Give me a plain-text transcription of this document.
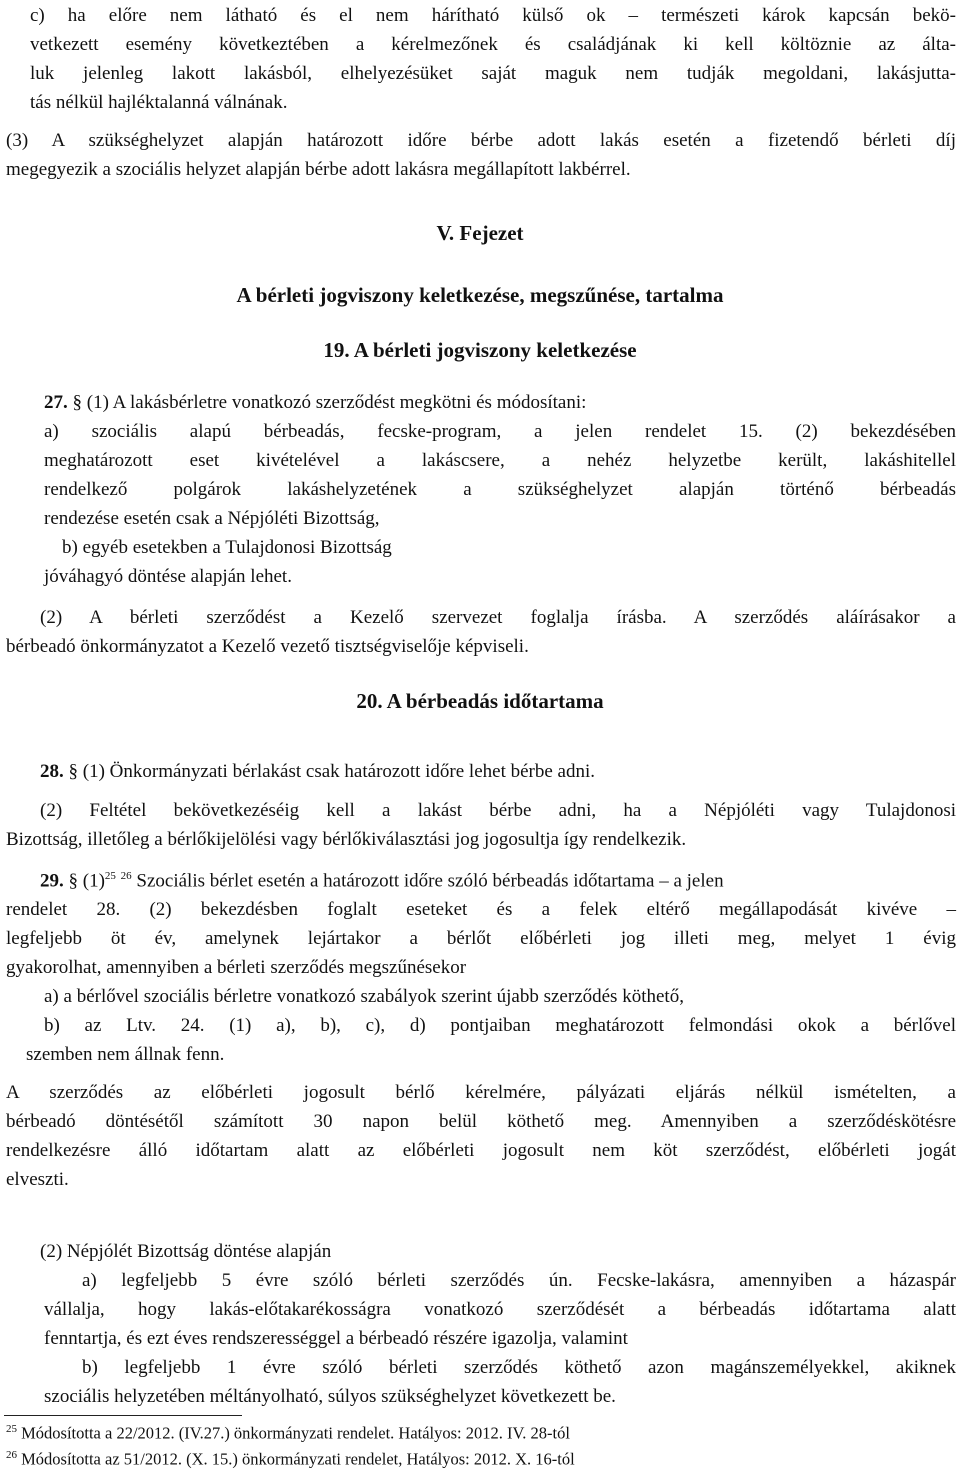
c) ha előre nem látható és el nem hárítható külső ok – természeti károk kapcsán bekö-
vetkezett esemény következtében a kérelmezőnek és családjának ki kell költöznie az álta-
luk jelenleg lakott lakásból, elhelyezésüket saját maguk nem tudják megoldani, lakásjutta-
tás nélkül hajléktalanná válnának.
(3) A szükséghelyzet alapján határozott időre bérbe adott lakás esetén a fizetendő bérleti díj
megegyezik a szociális helyzet alapján bérbe adott lakásra megállapított lakbérrel.
V. Fejezet
A bérleti jogviszony keletkezése, megszűnése, tartalma
19. A bérleti jogviszony keletkezése
27. § (1) A lakásbérletre vonatkozó szerződést megkötni és módosítani:
a) szociális alapú bérbeadás, fecske-program, a jelen rendelet 15. (2) bekezdésében
meghatározott eset kivételével a lakáscsere, a nehéz helyzetbe került, lakáshitellel
rendelkező polgárok lakáshelyzetének a szükséghelyzet alapján történő bérbeadás
rendezése esetén csak a Népjóléti Bizottság,
b) egyéb esetekben a Tulajdonosi Bizottság
jóváhagyó döntése alapján lehet.
(2) A bérleti szerződést a Kezelő szervezet foglalja írásba. A szerződés aláírásakor a
bérbeadó önkormányzatot a Kezelő vezető tisztségviselője képviseli.
20. A bérbeadás időtartama
28. § (1) Önkormányzati bérlakást csak határozott időre lehet bérbe adni.
(2) Feltétel bekövetkezéséig kell a lakást bérbe adni, ha a Népjóléti vagy Tulajdonosi
Bizottság, illetőleg a bérlőkijelölési vagy bérlőkiválasztási jog jogosultja így rendelkezik.
29. § $(1)^{25}$ $^{26}$ Szociális bérlet esetén a határozott időre szóló bérbeadás időtartama – a jelen
rendelet 28. (2) bekezdésben foglalt eseteket és a felek eltérő megállapodását kivéve –
legfeljebb öt év, amelynek lejártakor a bérlőt előbérleti jog illeti meg, melyet 1 évig
gyakorolhat, amennyiben a bérleti szerződés megszűnésekor
a) a bérlővel szociális bérletre vonatkozó szabályok szerint újabb szerződés köthető,
b) az Ltv. 24. (1) a), b), c), d) pontjaiban meghatározott felmondási okok a bérlővel
szemben nem állnak fenn.
A szerződés az előbérleti jogosult bérlő kérelmére, pályázati eljárás nélkül ismételten, a
bérbeadó döntésétől számított 30 napon belül köthető meg. Amennyiben a szerződéskötésre
rendelkezésre álló időtartam alatt az előbérleti jogosult nem köt szerződést, előbérleti jogát
elveszti.
(2) Népjólét Bizottság döntése alapján
a) legfeljebb 5 évre szóló bérleti szerződés ún. Fecske-lakásra, amennyiben a házaspár
vállalja, hogy lakás-előtakarékosságra vonatkozó szerződését a bérbeadás időtartama alatt
fenntartja, és ezt éves rendszerességgel a bérbeadó részére igazolja, valamint
b) legfeljebb 1 évre szóló bérleti szerződés köthető azon magánszemélyekkel, akiknek
szociális helyzetében méltányolható, súlyos szükséghelyzet következett be.
$^{25}$ Módosította a 22/2012. (IV.27.) önkormányzati rendelet. Hatályos: 2012. IV. 28-tól
$^{26}$ Módosította az 51/2012. (X. 15.) önkormányzati rendelet, Hatályos: 2012. X. 16-tól
